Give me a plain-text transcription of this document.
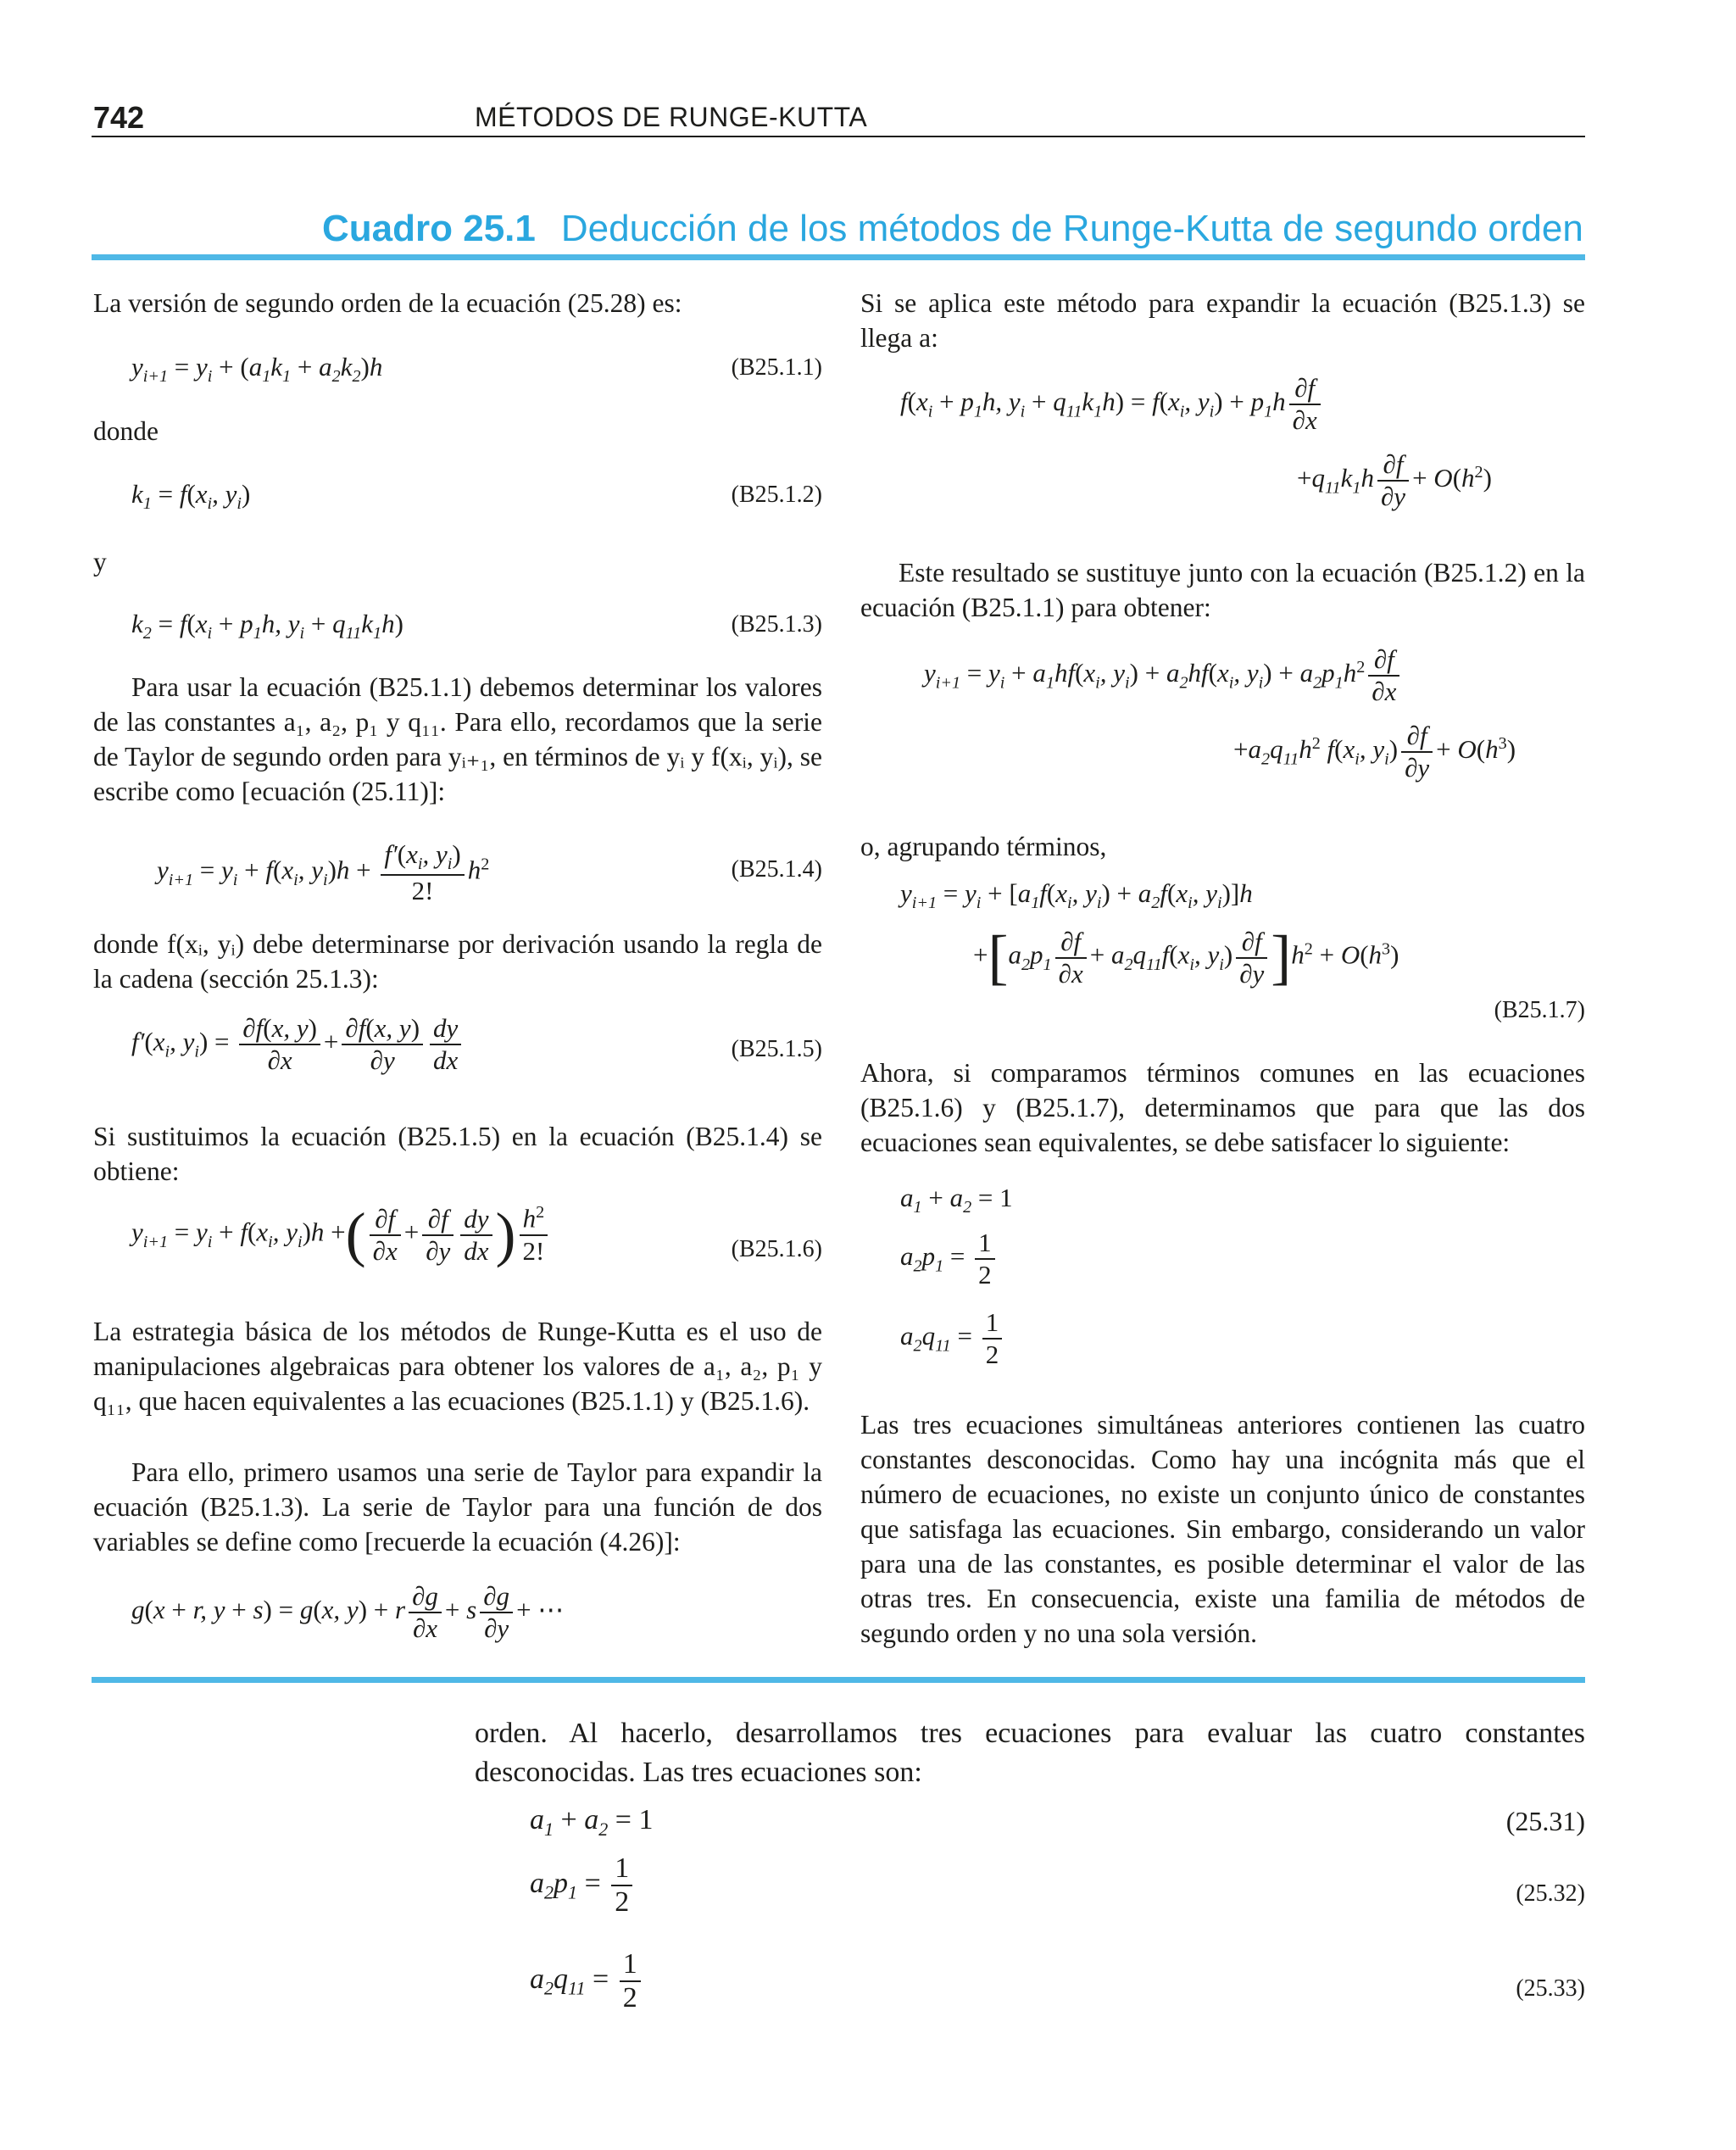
742	MÉTODOS DE RUNGE-KUTTA
Cuadro 25.1 Deducción de los métodos de Runge-Kutta de segundo orden
La versión de segundo orden de la ecuación (25.28) es:
$y_{i+1} = y_i + (a_1k_1 + a_2k_2)h$	(B25.1.1)
donde
$k_1 = f(x_i$, $y_i$)	(B25.1.2)
y
$k_2 = f(x_i + p_1h$, $y_i + q_{11}k_1h$)	(B25.1.3)
Para usar la ecuación (B25.1.1) debemos determinar los valores de las constantes a₁, a₂, p₁ y q₁₁. Para ello, recordamos que la serie de Taylor de segundo orden para yᵢ₊₁, en términos de yᵢ y f(xᵢ, yᵢ), se escribe como [ecuación (25.11)]:
$y_{i+1} = y_i + f(x_i$, $y_i)h + \frac{f'(x_i, y_i)}{2!} h^2$	(B25.1.4)
donde f(xᵢ, yᵢ) debe determinarse por derivación usando la regla de la cadena (sección 25.1.3):
$f'(x_i$, $y_i) = \frac{\partial f(x, y)}{\partial x} + \frac{\partial f(x, y)}{\partial y} \frac{dy}{dx}$	(B25.1.5)
Si sustituimos la ecuación (B25.1.5) en la ecuación (B25.1.4) se obtiene:
$y_{i+1} = y_i + f(x_i$, $y_i)h$ +( $\frac{\partial f}{\partial x} + \frac{\partial f}{\partial y} \frac{dy}{dx}$ ) $\frac{h^2}{2!}$	(B25.1.6)
La estrategia básica de los métodos de Runge-Kutta es el uso de manipulaciones algebraicas para obtener los valores de a₁, a₂, p₁ y q₁₁, que hacen equivalentes a las ecuaciones (B25.1.1) y (B25.1.6).
Para ello, primero usamos una serie de Taylor para expandir la ecuación (B25.1.3). La serie de Taylor para una función de dos variables se define como [recuerde la ecuación (4.26)]:
g(x + r, y + s) = g(x, y) + r $\frac{\partial g}{\partial x} + s \frac{\partial g}{\partial y}$ + ⋯
Si se aplica este método para expandir la ecuación (B25.1.3) se llega a:
$f(x_i + p_1h$, $y_i + q_{11}k_1h) = f(x_i$, $y_i) + p_1h \frac{\partial f}{\partial x}$
$+q_{11}k_1h \frac{\partial f}{\partial y} + O(h^2)$
Este resultado se sustituye junto con la ecuación (B25.1.2) en la ecuación (B25.1.1) para obtener:
$y_{i+1} = y_i + a_1hf(x_i$, $y_i) + a_2hf(x_i$, $y_i) + a_2p_1h^2 \frac{\partial f}{\partial x}$
$+a_2q_{11}h^2$ $f(x_i$, $y_i) \frac{\partial f}{\partial y} + O(h^3)$
o, agrupando términos,
$y_{i+1} = y_i + [a_1f(x_i$, $y_i) + a_2f(x_i$, $y_i)]h$
$+[a_2p_1 \frac{\partial f}{\partial x} + a_2q_{11}f(x_i$, $y_i) \frac{\partial f}{\partial y} ]h^2 + O(h^3)$
(B25.1.7)
Ahora, si comparamos términos comunes en las ecuaciones (B25.1.6) y (B25.1.7), determinamos que para que las dos ecuaciones sean equivalentes, se debe satisfacer lo siguiente:
$a_1 + a_2 = 1$
$a_2p_1 = \frac{1}{2}$
$a_2q_{11} = \frac{1}{2}$
Las tres ecuaciones simultáneas anteriores contienen las cuatro constantes desconocidas. Como hay una incógnita más que el número de ecuaciones, no existe un conjunto único de constantes que satisfaga las ecuaciones. Sin embargo, considerando un valor para una de las constantes, es posible determinar el valor de las otras tres. En consecuencia, existe una familia de métodos de segundo orden y no una sola versión.
orden. Al hacerlo, desarrollamos tres ecuaciones para evaluar las cuatro constantes desconocidas. Las tres ecuaciones son:
$a_1 + a_2 = 1$	(25.31)
$a_2p_1 = \frac{1}{2}$	(25.32)
$a_2q_{11} = \frac{1}{2}$	(25.33)
